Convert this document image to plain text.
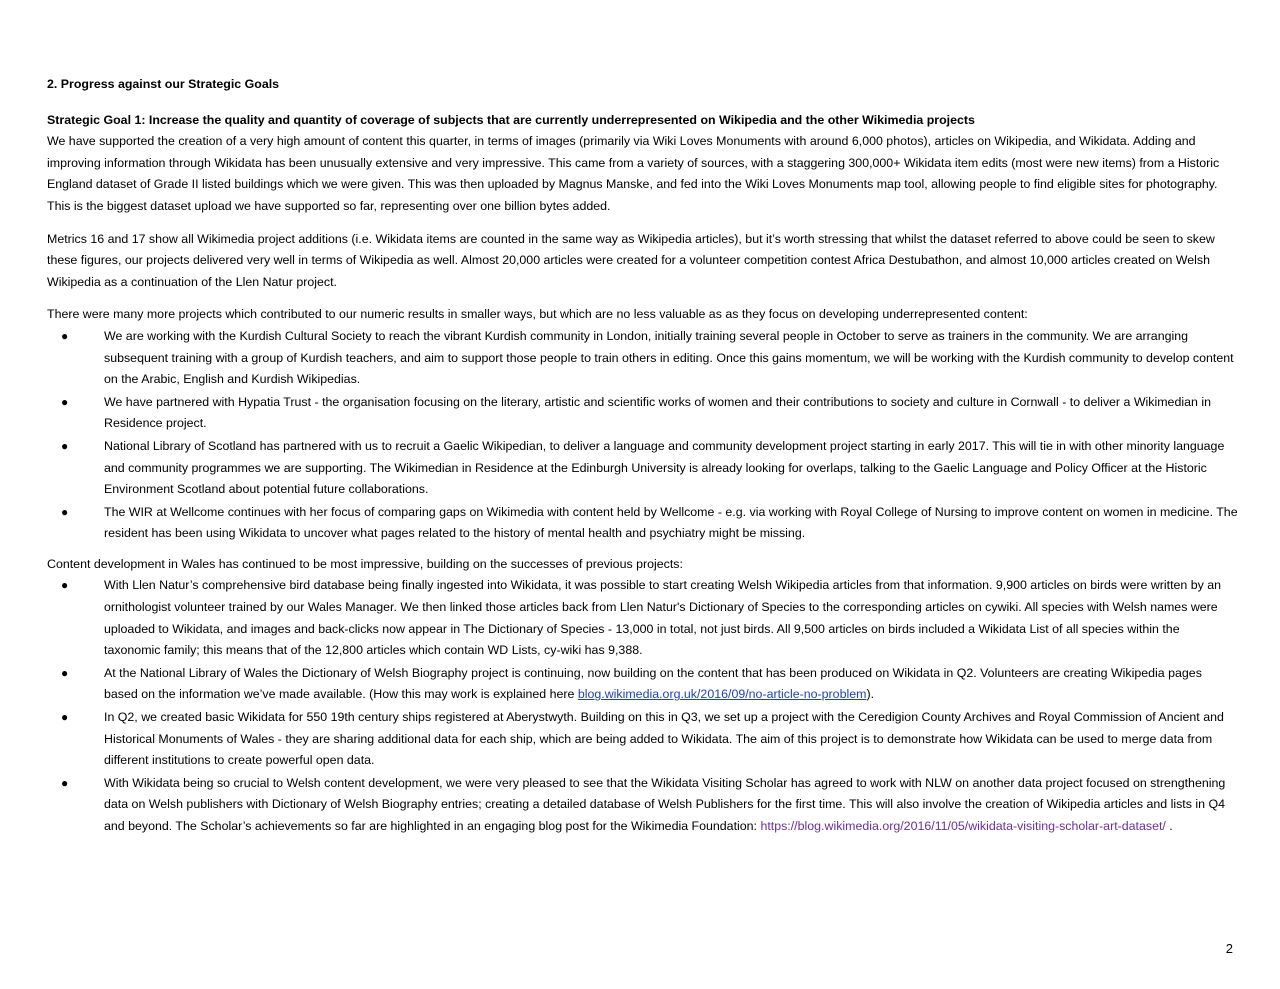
2. Progress against our Strategic Goals

Strategic Goal 1: Increase the quality and quantity of coverage of subjects that are currently underrepresented on Wikipedia and the other Wikimedia projects

We have supported the creation of a very high amount of content this quarter, in terms of images (primarily via Wiki Loves Monuments with around 6,000 photos), articles on Wikipedia, and Wikidata. Adding and improving information through Wikidata has been unusually extensive and very impressive. This came from a variety of sources, with a staggering 300,000+ Wikidata item edits (most were new items) from a Historic England dataset of Grade II listed buildings which we were given. This was then uploaded by Magnus Manske, and fed into the Wiki Loves Monuments map tool, allowing people to find eligible sites for photography. This is the biggest dataset upload we have supported so far, representing over one billion bytes added.

Metrics 16 and 17 show all Wikimedia project additions (i.e. Wikidata items are counted in the same way as Wikipedia articles), but it’s worth stressing that whilst the dataset referred to above could be seen to skew these figures, our projects delivered very well in terms of Wikipedia as well. Almost 20,000 articles were created for a volunteer competition contest Africa Destubathon, and almost 10,000 articles created on Welsh Wikipedia as a continuation of the Llen Natur project.

There were many more projects which contributed to our numeric results in smaller ways, but which are no less valuable as as they focus on developing underrepresented content:

●	We are working with the Kurdish Cultural Society to reach the vibrant Kurdish community in London, initially training several people in October to serve as trainers in the community. We are arranging subsequent training with a group of Kurdish teachers, and aim to support those people to train others in editing. Once this gains momentum, we will be working with the Kurdish community to develop content on the Arabic, English and Kurdish Wikipedias.
●	We have partnered with Hypatia Trust - the organisation focusing on the literary, artistic and scientific works of women and their contributions to society and culture in Cornwall - to deliver a Wikimedian in Residence project.
●	National Library of Scotland has partnered with us to recruit a Gaelic Wikipedian, to deliver a language and community development project starting in early 2017. This will tie in with other minority language and community programmes we are supporting. The Wikimedian in Residence at the Edinburgh University is already looking for overlaps, talking to the Gaelic Language and Policy Officer at the Historic Environment Scotland about potential future collaborations.
●	The WIR at Wellcome continues with her focus of comparing gaps on Wikimedia with content held by Wellcome - e.g. via working with Royal College of Nursing to improve content on women in medicine. The resident has been using Wikidata to uncover what pages related to the history of mental health and psychiatry might be missing.

Content development in Wales has continued to be most impressive, building on the successes of previous projects:

●	With Llen Natur’s comprehensive bird database being finally ingested into Wikidata, it was possible to start creating Welsh Wikipedia articles from that information. 9,900 articles on birds were written by an ornithologist volunteer trained by our Wales Manager. We then linked those articles back from Llen Natur's Dictionary of Species to the corresponding articles on cywiki. All species with Welsh names were uploaded to Wikidata, and images and back-clicks now appear in The Dictionary of Species - 13,000 in total, not just birds. All 9,500 articles on birds included a Wikidata List of all species within the taxonomic family; this means that of the 12,800 articles which contain WD Lists, cy-wiki has 9,388.
●	At the National Library of Wales the Dictionary of Welsh Biography project is continuing, now building on the content that has been produced on Wikidata in Q2. Volunteers are creating Wikipedia pages based on the information we’ve made available. (How this may work is explained here blog.wikimedia.org.uk/2016/09/no-article-no-problem).
●	In Q2, we created basic Wikidata for 550 19th century ships registered at Aberystwyth. Building on this in Q3, we set up a project with the Ceredigion County Archives and Royal Commission of Ancient and Historical Monuments of Wales - they are sharing additional data for each ship, which are being added to Wikidata. The aim of this project is to demonstrate how Wikidata can be used to merge data from different institutions to create powerful open data.
●	With Wikidata being so crucial to Welsh content development, we were very pleased to see that the Wikidata Visiting Scholar has agreed to work with NLW on another data project focused on strengthening data on Welsh publishers with Dictionary of Welsh Biography entries; creating a detailed database of Welsh Publishers for the first time. This will also involve the creation of Wikipedia articles and lists in Q4 and beyond. The Scholar’s achievements so far are highlighted in an engaging blog post for the Wikimedia Foundation: https://blog.wikimedia.org/2016/11/05/wikidata-visiting-scholar-art-dataset/ .
2
